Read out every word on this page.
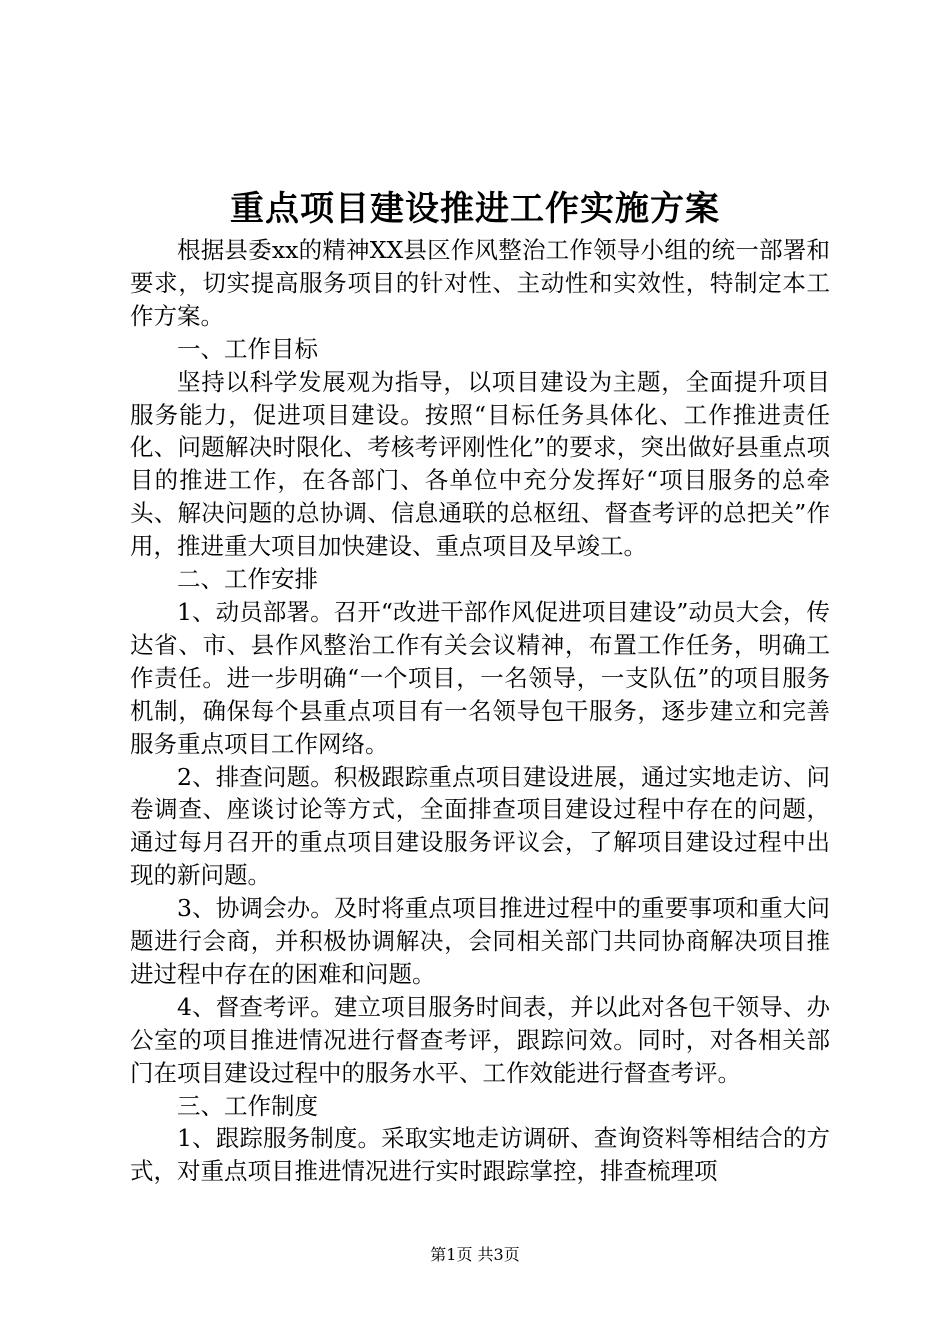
重点项目建设推进工作实施方案

根据县委xx的精神XX县区作风整治工作领导小组的统一部署和要求，切实提高服务项目的针对性、主动性和实效性，特制定本工作方案。

一、工作目标

坚持以科学发展观为指导，以项目建设为主题，全面提升项目服务能力，促进项目建设。按照“目标任务具体化、工作推进责任化、问题解决时限化、考核考评刚性化”的要求，突出做好县重点项目的推进工作，在各部门、各单位中充分发挥好“项目服务的总牵头、解决问题的总协调、信息通联的总枢纽、督查考评的总把关”作用，推进重大项目加快建设、重点项目及早竣工。

二、工作安排

1、动员部署。召开“改进干部作风促进项目建设”动员大会，传达省、市、县作风整治工作有关会议精神，布置工作任务，明确工作责任。进一步明确“一个项目，一名领导，一支队伍”的项目服务机制，确保每个县重点项目有一名领导包干服务，逐步建立和完善服务重点项目工作网络。

2、排查问题。积极跟踪重点项目建设进展，通过实地走访、问卷调查、座谈讨论等方式，全面排查项目建设过程中存在的问题，通过每月召开的重点项目建设服务评议会，了解项目建设过程中出现的新问题。

3、协调会办。及时将重点项目推进过程中的重要事项和重大问题进行会商，并积极协调解决，会同相关部门共同协商解决项目推进过程中存在的困难和问题。

4、督查考评。建立项目服务时间表，并以此对各包干领导、办公室的项目推进情况进行督查考评，跟踪问效。同时，对各相关部门在项目建设过程中的服务水平、工作效能进行督查考评。

三、工作制度

1、跟踪服务制度。采取实地走访调研、查询资料等相结合的方式，对重点项目推进情况进行实时跟踪掌控，排查梳理项

第1页 共3页
